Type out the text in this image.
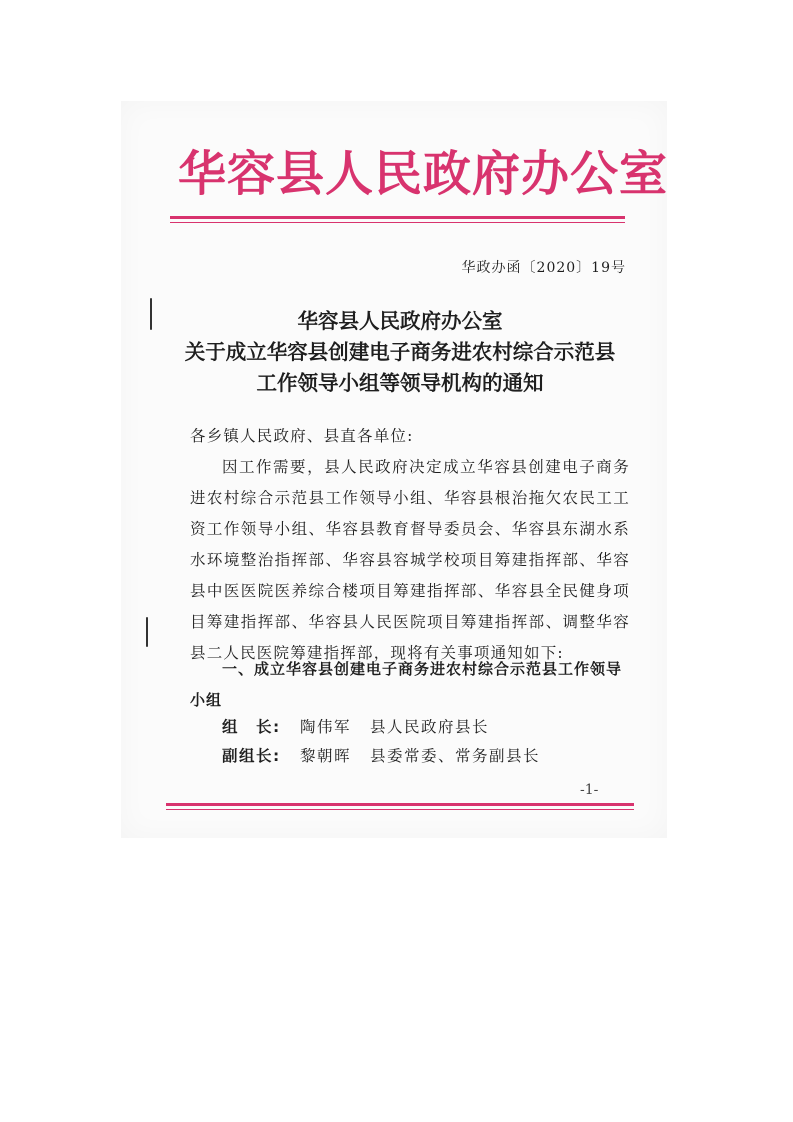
华容县人民政府办公室
华政办函〔2020〕19号
华容县人民政府办公室
关于成立华容县创建电子商务进农村综合示范县
工作领导小组等领导机构的通知
各乡镇人民政府、县直各单位:
因工作需要，县人民政府决定成立华容县创建电子商务进农村综合示范县工作领导小组、华容县根治拖欠农民工工资工作领导小组、华容县教育督导委员会、华容县东湖水系水环境整治指挥部、华容县容城学校项目筹建指挥部、华容县中医医院医养综合楼项目筹建指挥部、华容县全民健身项目筹建指挥部、华容县人民医院项目筹建指挥部、调整华容县二人民医院筹建指挥部，现将有关事项通知如下:
一、成立华容县创建电子商务进农村综合示范县工作领导小组
组　长: 陶伟军 县人民政府县长
副组长: 黎朝晖 县委常委、常务副县长
-1-
